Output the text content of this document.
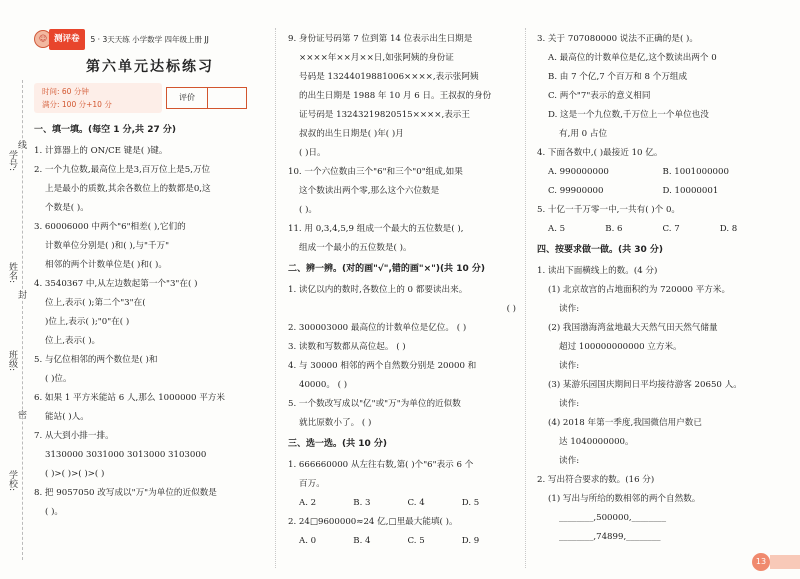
学号:
姓名:
班级:
学校:
线
封
密
☺ 测评卷	5 · 3天天练
小学数学
四年级上册
JJ
第六单元达标练习
时间: 60 分钟
满分: 100 分+10 分
评价
一、填一填。(每空 1 分,共 27 分)
1. 计算器上的 ON/CE 键是( )键。
2. 一个九位数,最高位上是3,百万位上是5,万位
上是最小的质数,其余各数位上的数都是0,这
个数是( )。
3. 60006000 中两个"6"相差( ),它们的
计数单位分别是( )和( ),与"千万"
相邻的两个计数单位是( )和( )。
4. 3540367 中,从左边数起第一个"3"在( )
位上,表示( );第二个"3"在(
)位上,表示( );"0"在( )
位上,表示( )。
5. 与亿位相邻的两个数位是( )和
( )位。
6. 如果 1 平方米能站 6 人,那么 1000000 平方米
能站( )人。
7. 从大到小排一排。
3130000 3031000 3013000 3103000
( )>( )>( )>( )
8. 把 9057050 改写成以"万"为单位的近似数是
( )。
9. 身份证号码第 7 位到第 14 位表示出生日期是
××××年××月××日,如张阿姨的身份证
号码是 13244019881006××××,表示张阿姨
的出生日期是 1988 年 10 月 6 日。王叔叔的身份
证号码是 13243219820515××××,表示王
叔叔的出生日期是( )年( )月
( )日。
10. 一个六位数由三个"6"和三个"0"组成,如果
这个数读出两个零,那么这个六位数是
( )。
11. 用 0,3,4,5,9 组成一个最大的五位数是( ),
组成一个最小的五位数是( )。
二、辨一辨。(对的画"√",错的画"×")(共 10 分)
1. 读亿以内的数时,各数位上的 0 都要读出来。
( )
2. 300003000 最高位的计数单位是亿位。 ( )
3. 读数和写数都从高位起。 ( )
4. 与 30000 相邻的两个自然数分别是 20000 和
40000。 ( )
5. 一个数改写成以"亿"或"万"为单位的近似数
就比原数小了。 ( )
三、选一选。(共 10 分)
1. 666660000 从左往右数,第( )个"6"表示 6 个
百万。
A. 2	B. 3	C. 4	D. 5
2. 24□9600000≈24 亿,□里最大能填( )。
A. 0	B. 4	C. 5	D. 9
3. 关于 707080000 说法不正确的是( )。
A. 最高位的计数单位是亿,这个数读出两个 0
B. 由 7 个亿,7 个百万和 8 个万组成
C. 两个"7"表示的意义相同
D. 这是一个九位数,千万位上一个单位也没
有,用 0 占位
4. 下面各数中,( )最接近 10 亿。
A. 990000000	B. 1001000000
C. 99900000	D. 10000001
5. 十亿一千万零一中,一共有( )个 0。
A. 5	B. 6	C. 7	D. 8
四、按要求做一做。(共 30 分)
1. 读出下面横线上的数。(4 分)
(1) 北京故宫的占地面积约为 720000 平方米。
读作:
(2) 我国渤海湾盆地最大天然气田天然气储量
超过 100000000000 立方米。
读作:
(3) 某游乐园国庆期间日平均接待游客 20650 人。
读作:
(4) 2018 年第一季度,我国微信用户数已
达 1040000000。
读作:
2. 写出符合要求的数。(16 分)
(1) 写出与所给的数相邻的两个自然数。
________,500000,________
________,74899,________
13
